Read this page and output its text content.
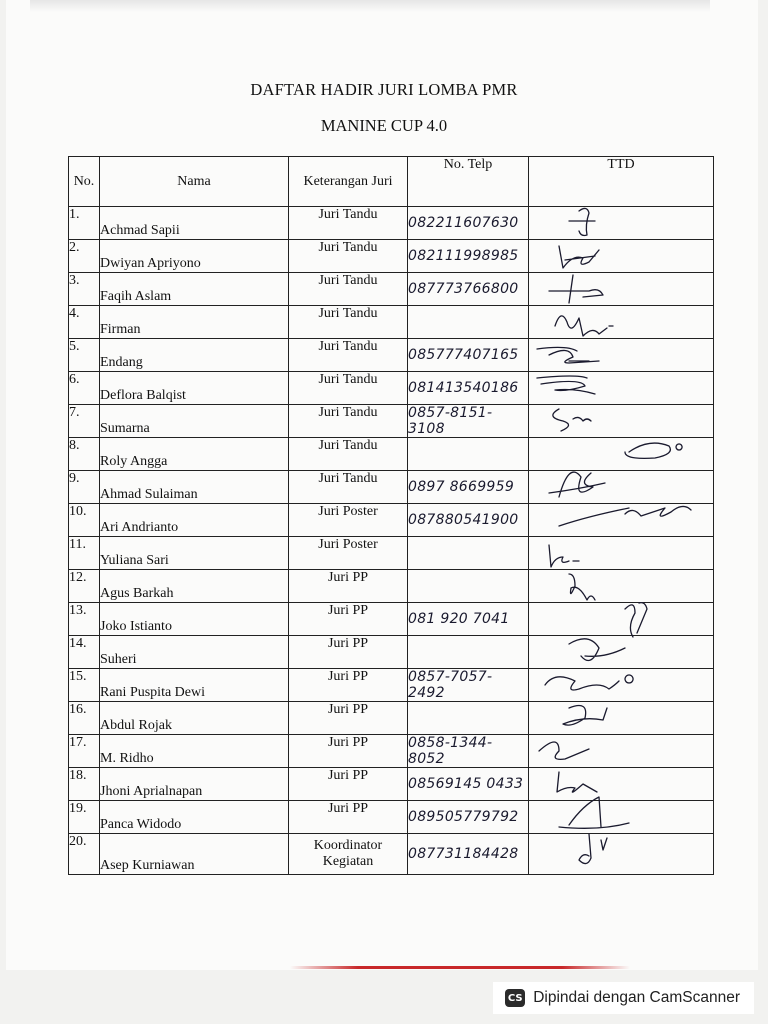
DAFTAR HADIR JURI LOMBA PMR
MANINE CUP 4.0
No.	Nama	Keterangan Juri	No. Telp	TTD
1.	Achmad Sapii	Juri Tandu	082211607630	

2.	Dwiyan Apriyono	Juri Tandu	082111998985	

3.	Faqih Aslam	Juri Tandu	087773766800	

4.	Firman	Juri Tandu		

5.	Endang	Juri Tandu	085777407165	

6.	Deflora Balqist	Juri Tandu	081413540186	

7.	Sumarna	Juri Tandu	0857-8151-3108	

8.	Roly Angga	Juri Tandu		

9.	Ahmad Sulaiman	Juri Tandu	0897 8669959	

10.	Ari Andrianto	Juri Poster	087880541900	

11.	Yuliana Sari	Juri Poster		

12.	Agus Barkah	Juri PP		

13.	Joko Istianto	Juri PP	081 920 7041	

14.	Suheri	Juri PP		

15.	Rani Puspita Dewi	Juri PP	0857-7057-2492	

16.	Abdul Rojak	Juri PP		

17.	M. Ridho	Juri PP	0858-1344-8052	

18.	Jhoni Aprialnapan	Juri PP	08569145 0433	

19.	Panca Widodo	Juri PP	089505779792	

20.	Asep Kurniawan	Koordinator Kegiatan	087731184428	
CS Dipindai dengan CamScanner
